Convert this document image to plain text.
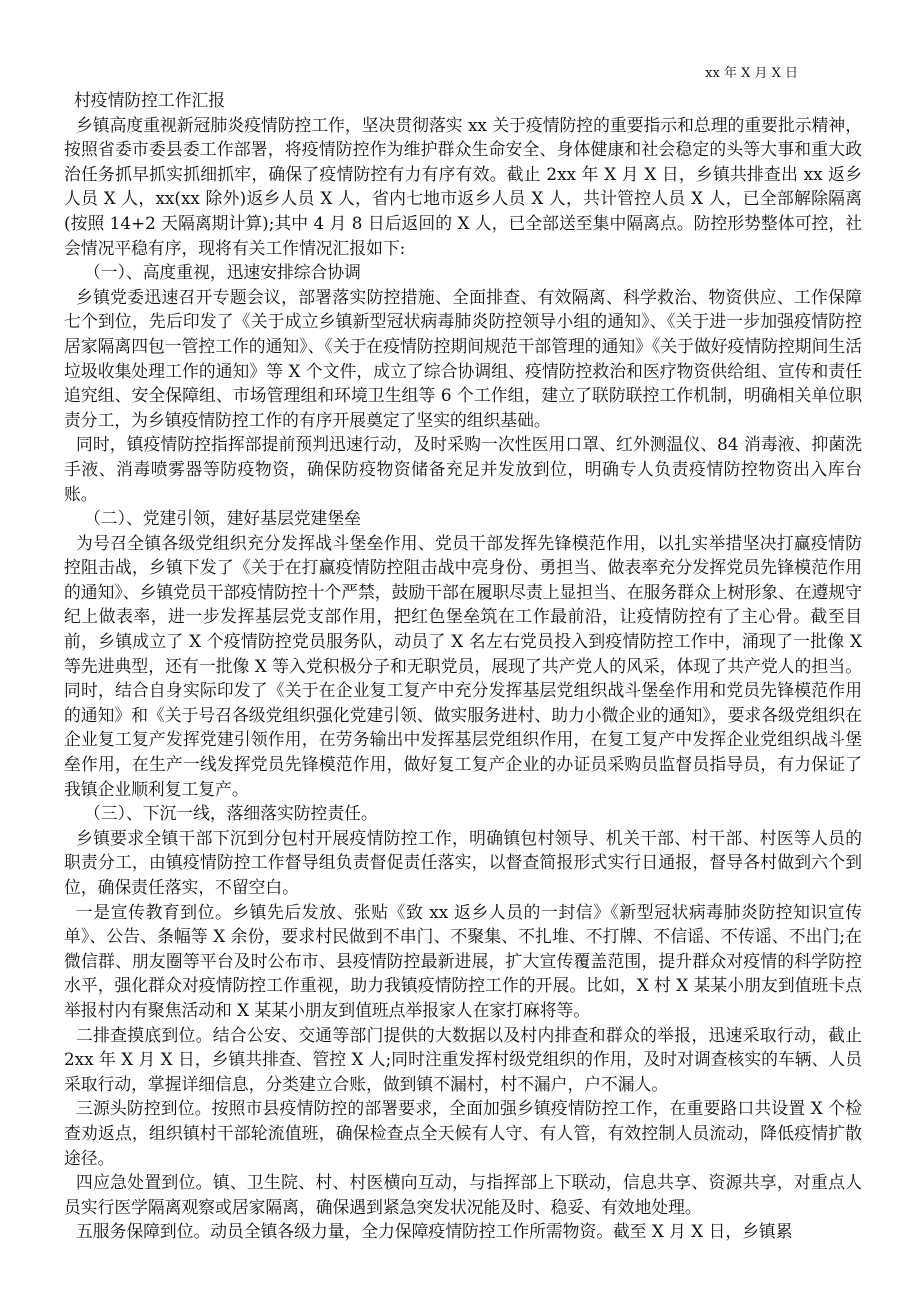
xx 年 X 月 X 日

村疫情防控工作汇报

乡镇高度重视新冠肺炎疫情防控工作，坚决贯彻落实 xx 关于疫情防控的重要指示和总理的重要批示精神，按照省委市委县委工作部署，将疫情防控作为维护群众生命安全、身体健康和社会稳定的头等大事和重大政治任务抓早抓实抓细抓牢，确保了疫情防控有力有序有效。截止 2xx 年 X 月 X 日，乡镇共排查出 xx 返乡人员 X 人，xx(xx 除外)返乡人员 X 人，省内七地市返乡人员 X 人，共计管控人员 X 人，已全部解除隔离(按照 14+2 天隔离期计算);其中 4 月 8 日后返回的 X 人，已全部送至集中隔离点。防控形势整体可控，社会情况平稳有序，现将有关工作情况汇报如下:

（一）、高度重视，迅速安排综合协调

乡镇党委迅速召开专题会议，部署落实防控措施、全面排查、有效隔离、科学救治、物资供应、工作保障七个到位，先后印发了《关于成立乡镇新型冠状病毒肺炎防控领导小组的通知》、《关于进一步加强疫情防控居家隔离四包一管控工作的通知》、《关于在疫情防控期间规范干部管理的通知》《关于做好疫情防控期间生活垃圾收集处理工作的通知》等 X 个文件，成立了综合协调组、疫情防控救治和医疗物资供给组、宣传和责任追究组、安全保障组、市场管理组和环境卫生组等 6 个工作组，建立了联防联控工作机制，明确相关单位职责分工，为乡镇疫情防控工作的有序开展奠定了坚实的组织基础。

同时，镇疫情防控指挥部提前预判迅速行动，及时采购一次性医用口罩、红外测温仪、84 消毒液、抑菌洗手液、消毒喷雾器等防疫物资，确保防疫物资储备充足并发放到位，明确专人负责疫情防控物资出入库台账。

（二）、党建引领，建好基层党建堡垒

为号召全镇各级党组织充分发挥战斗堡垒作用、党员干部发挥先锋模范作用，以扎实举措坚决打赢疫情防控阻击战，乡镇下发了《关于在打赢疫情防控阻击战中亮身份、勇担当、做表率充分发挥党员先锋模范作用的通知》、乡镇党员干部疫情防控十个严禁，鼓励干部在履职尽责上显担当、在服务群众上树形象、在遵规守纪上做表率，进一步发挥基层党支部作用，把红色堡垒筑在工作最前沿，让疫情防控有了主心骨。截至目前，乡镇成立了 X 个疫情防控党员服务队，动员了 X 名左右党员投入到疫情防控工作中，涌现了一批像 X 等先进典型，还有一批像 X 等入党积极分子和无职党员，展现了共产党人的风采，体现了共产党人的担当。同时，结合自身实际印发了《关于在企业复工复产中充分发挥基层党组织战斗堡垒作用和党员先锋模范作用的通知》和《关于号召各级党组织强化党建引领、做实服务进村、助力小微企业的通知》，要求各级党组织在企业复工复产发挥党建引领作用，在劳务输出中发挥基层党组织作用，在复工复产中发挥企业党组织战斗堡垒作用，在生产一线发挥党员先锋模范作用，做好复工复产企业的办证员采购员监督员指导员，有力保证了我镇企业顺利复工复产。

（三）、下沉一线，落细落实防控责任。

乡镇要求全镇干部下沉到分包村开展疫情防控工作，明确镇包村领导、机关干部、村干部、村医等人员的职责分工，由镇疫情防控工作督导组负责督促责任落实，以督查简报形式实行日通报，督导各村做到六个到位，确保责任落实，不留空白。

一是宣传教育到位。乡镇先后发放、张贴《致 xx 返乡人员的一封信》《新型冠状病毒肺炎防控知识宣传单》、公告、条幅等 X 余份，要求村民做到不串门、不聚集、不扎堆、不打牌、不信谣、不传谣、不出门;在微信群、朋友圈等平台及时公布市、县疫情防控最新进展，扩大宣传覆盖范围，提升群众对疫情的科学防控水平，强化群众对疫情防控工作重视，助力我镇疫情防控工作的开展。比如，X 村 X 某某小朋友到值班卡点举报村内有聚焦活动和 X 某某小朋友到值班点举报家人在家打麻将等。

二排查摸底到位。结合公安、交通等部门提供的大数据以及村内排查和群众的举报，迅速采取行动，截止 2xx 年 X 月 X 日，乡镇共排查、管控 X 人;同时注重发挥村级党组织的作用，及时对调查核实的车辆、人员采取行动，掌握详细信息，分类建立合账，做到镇不漏村，村不漏户，户不漏人。

三源头防控到位。按照市县疫情防控的部署要求，全面加强乡镇疫情防控工作，在重要路口共设置 X 个检查劝返点，组织镇村干部轮流值班，确保检查点全天候有人守、有人管，有效控制人员流动，降低疫情扩散途径。

四应急处置到位。镇、卫生院、村、村医横向互动，与指挥部上下联动，信息共享、资源共享，对重点人员实行医学隔离观察或居家隔离，确保遇到紧急突发状况能及时、稳妥、有效地处理。

五服务保障到位。动员全镇各级力量，全力保障疫情防控工作所需物资。截至 X 月 X 日，乡镇累
